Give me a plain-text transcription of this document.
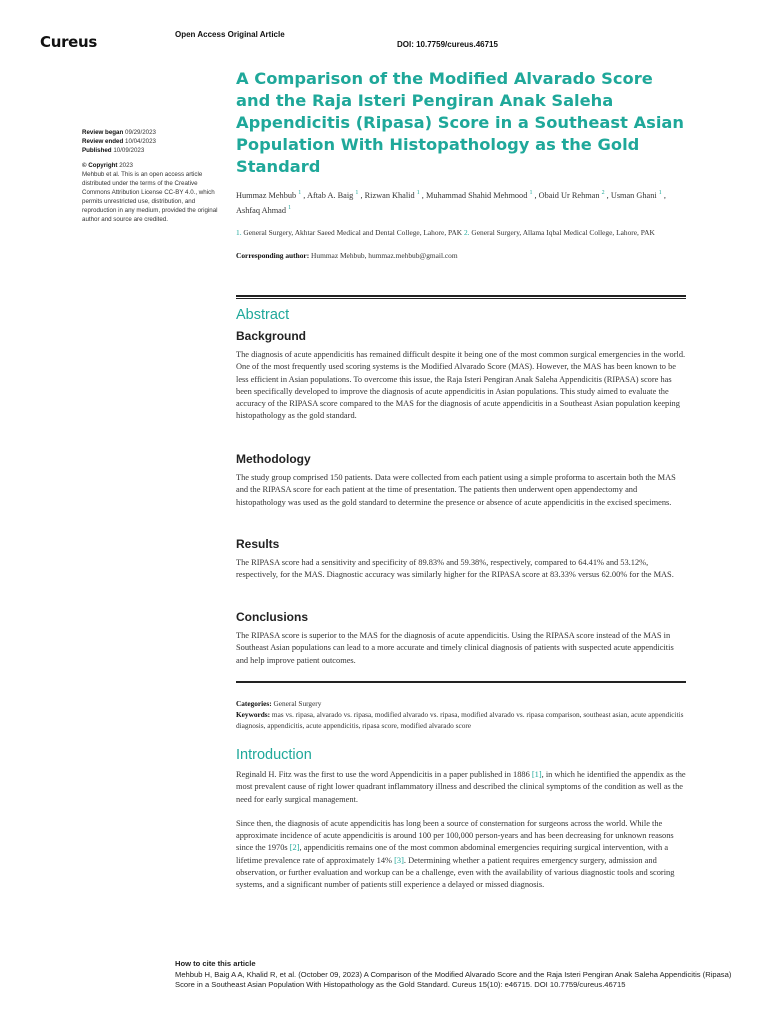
Cureus	Open Access Original Article
DOI: 10.7759/cureus.46715
Review began 09/29/2023
Review ended 10/04/2023
Published 10/09/2023
© Copyright 2023
Mehbub et al. This is an open access article distributed under the terms of the Creative Commons Attribution License CC-BY 4.0., which permits unrestricted use, distribution, and reproduction in any medium, provided the original author and source are credited.
A Comparison of the Modified Alvarado Score and the Raja Isteri Pengiran Anak Saleha Appendicitis (Ripasa) Score in a Southeast Asian Population With Histopathology as the Gold Standard
Hummaz Mehbub $^1$ , Aftab A. Baig $^1$ , Rizwan Khalid $^1$ , Muhammad Shahid Mehmood $^1$ , Obaid Ur Rehman $^2$ , Usman Ghani $^1$ , Ashfaq Ahmad $^1$
1. General Surgery, Akhtar Saeed Medical and Dental College, Lahore, PAK 2. General Surgery, Allama Iqbal Medical College, Lahore, PAK
Corresponding author: Hummaz Mehbub, hummaz.mehbub@gmail.com
Abstract
Background
The diagnosis of acute appendicitis has remained difficult despite it being one of the most common surgical emergencies in the world. One of the most frequently used scoring systems is the Modified Alvarado Score (MAS). However, the MAS has been known to be less efficient in Asian populations. To overcome this issue, the Raja Isteri Pengiran Anak Saleha Appendicitis (RIPASA) score has been specifically developed to improve the diagnosis of acute appendicitis in Asian populations. This study aimed to evaluate the accuracy of the RIPASA score compared to the MAS for the diagnosis of acute appendicitis in a Southeast Asian population keeping histopathology as the gold standard.
Methodology
The study group comprised 150 patients. Data were collected from each patient using a simple proforma to ascertain both the MAS and the RIPASA score for each patient at the time of presentation. The patients then underwent open appendectomy and histopathology was used as the gold standard to determine the presence or absence of acute appendicitis in the excised specimens.
Results
The RIPASA score had a sensitivity and specificity of 89.83% and 59.38%, respectively, compared to 64.41% and 53.12%, respectively, for the MAS. Diagnostic accuracy was similarly higher for the RIPASA score at 83.33% versus 62.00% for the MAS.
Conclusions
The RIPASA score is superior to the MAS for the diagnosis of acute appendicitis. Using the RIPASA score instead of the MAS in Southeast Asian populations can lead to a more accurate and timely clinical diagnosis of patients with suspected acute appendicitis and help improve patient outcomes.
Categories: General Surgery
Keywords: mas vs. ripasa, alvarado vs. ripasa, modified alvarado vs. ripasa, modified alvarado vs. ripasa comparison, southeast asian, acute appendicitis diagnosis, appendicitis, acute appendicitis, ripasa score, modified alvarado score
Introduction
Reginald H. Fitz was the first to use the word Appendicitis in a paper published in 1886 [1], in which he identified the appendix as the most prevalent cause of right lower quadrant inflammatory illness and described the clinical symptoms of the condition as well as the need for early surgical management.
Since then, the diagnosis of acute appendicitis has long been a source of consternation for surgeons across the world. While the approximate incidence of acute appendicitis is around 100 per 100,000 person-years and has been decreasing for unknown reasons since the 1970s [2], appendicitis remains one of the most common abdominal emergencies requiring surgical intervention, with a lifetime prevalence rate of approximately 14% [3]. Determining whether a patient requires emergency surgery, admission and observation, or further evaluation and workup can be a challenge, even with the availability of various diagnostic tools and scoring systems, and a significant number of patients still experience a delayed or missed diagnosis.
How to cite this article
Mehbub H, Baig A A, Khalid R, et al. (October 09, 2023) A Comparison of the Modified Alvarado Score and the Raja Isteri Pengiran Anak Saleha Appendicitis (Ripasa) Score in a Southeast Asian Population With Histopathology as the Gold Standard. Cureus 15(10): e46715. DOI 10.7759/cureus.46715
